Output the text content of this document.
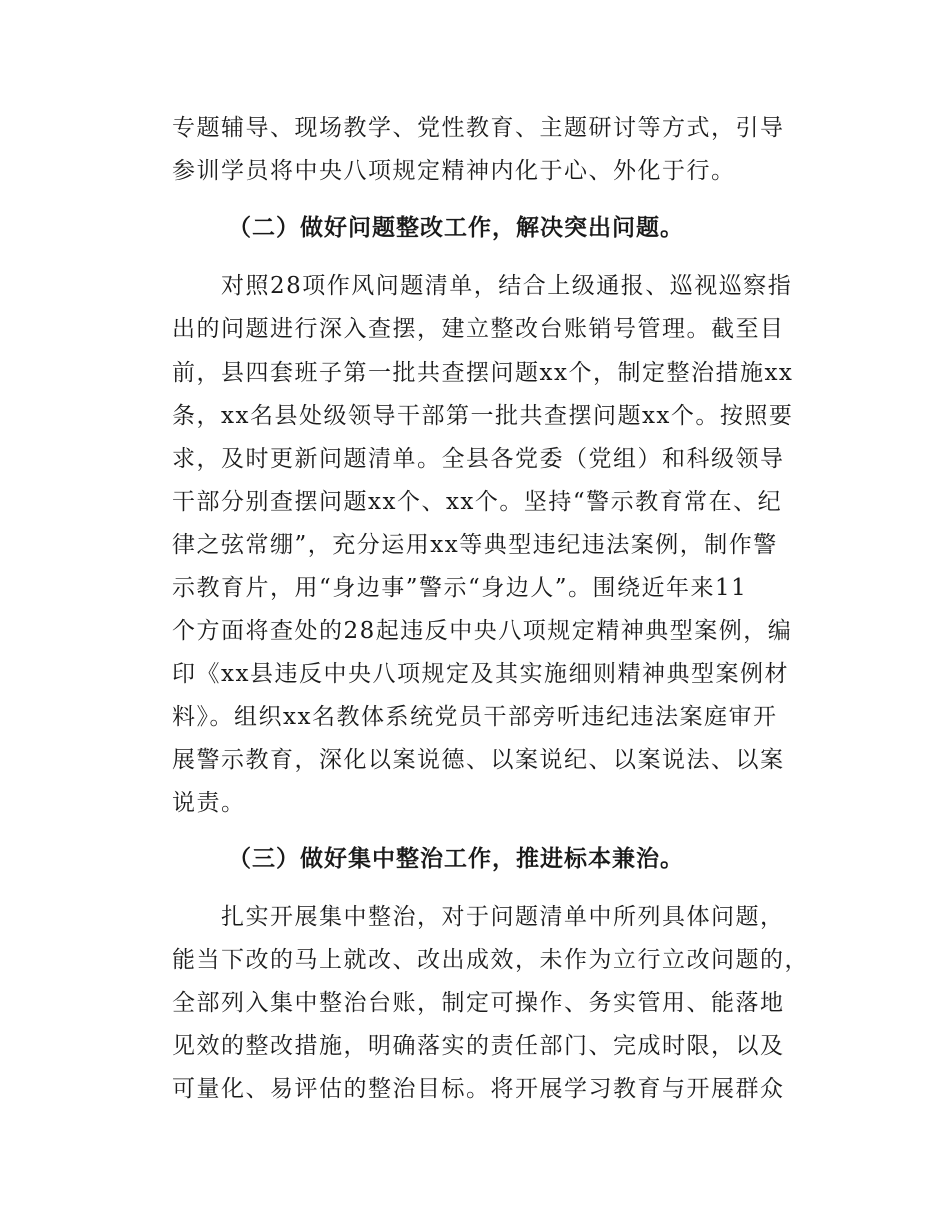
专题辅导、现场教学、党性教育、主题研讨等方式，引导
参训学员将中央八项规定精神内化于心、外化于行。
（二）做好问题整改工作，解决突出问题。
　　对照28项作风问题清单，结合上级通报、巡视巡察指
出的问题进行深入查摆，建立整改台账销号管理。截至目
前，县四套班子第一批共查摆问题xx个，制定整治措施xx
条，xx名县处级领导干部第一批共查摆问题xx个。按照要
求，及时更新问题清单。全县各党委（党组）和科级领导
干部分别查摆问题xx个、xx个。坚持“警示教育常在、纪
律之弦常绷”，充分运用xx等典型违纪违法案例，制作警
示教育片，用“身边事”警示“身边人”。围绕近年来11
个方面将查处的28起违反中央八项规定精神典型案例，编
印《xx县违反中央八项规定及其实施细则精神典型案例材
料》。组织xx名教体系统党员干部旁听违纪违法案庭审开
展警示教育，深化以案说德、以案说纪、以案说法、以案
说责。
（三）做好集中整治工作，推进标本兼治。
　　扎实开展集中整治，对于问题清单中所列具体问题，
能当下改的马上就改、改出成效，未作为立行立改问题的，
全部列入集中整治台账，制定可操作、务实管用、能落地
见效的整改措施，明确落实的责任部门、完成时限，以及
可量化、易评估的整治目标。将开展学习教育与开展群众
